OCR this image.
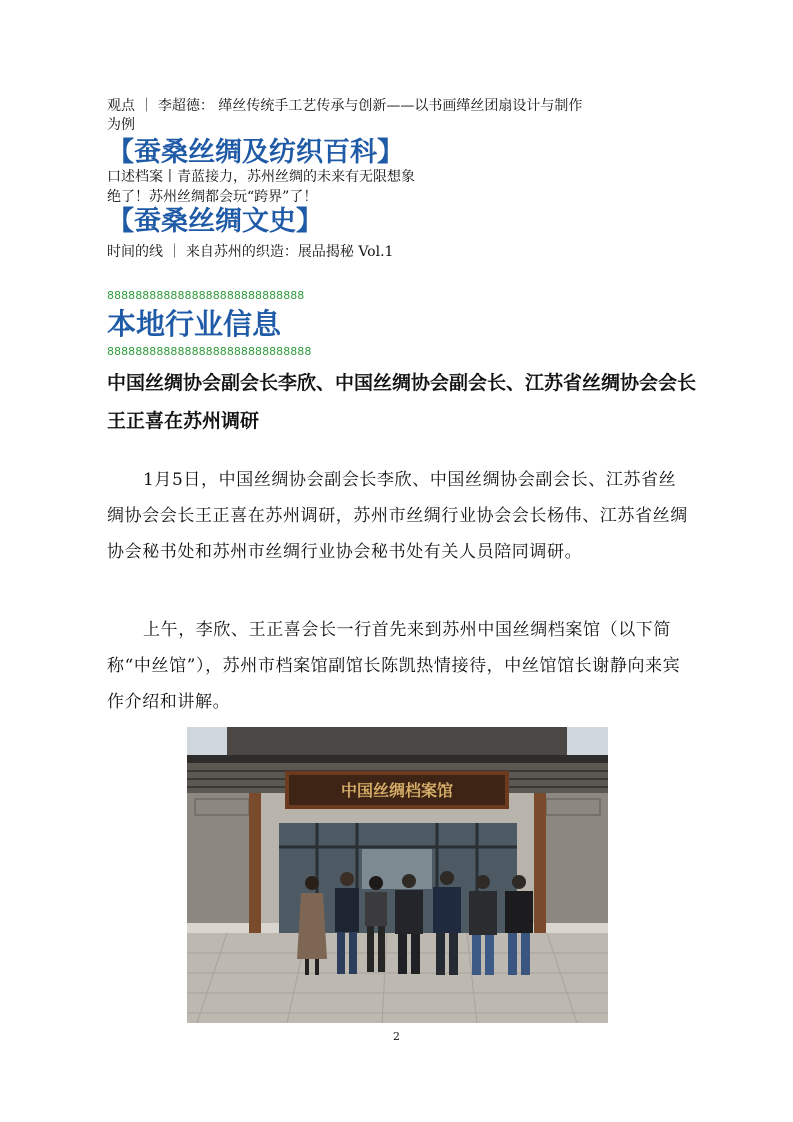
观点 ｜ 李超德： 缂丝传统手工艺传承与创新——以书画缂丝团扇设计与制作
为例
【蚕桑丝绸及纺织百科】
口述档案丨青蓝接力，苏州丝绸的未来有无限想象
绝了！苏州丝绸都会玩“跨界”了！
【蚕桑丝绸文史】
时间的线 ｜ 来自苏州的织造：展品揭秘 Vol.1
8888888888888888888888888888
本地行业信息
88888888888888888888888888888
中国丝绸协会副会长李欣、中国丝绸协会副会长、江苏省丝绸协会会长王正喜在苏州调研
1月5日，中国丝绸协会副会长李欣、中国丝绸协会副会长、江苏省丝绸协会会长王正喜在苏州调研，苏州市丝绸行业协会会长杨伟、江苏省丝绸协会秘书处和苏州市丝绸行业协会秘书处有关人员陪同调研。
上午，李欣、王正喜会长一行首先来到苏州中国丝绸档案馆（以下简称“中丝馆”），苏州市档案馆副馆长陈凯热情接待，中丝馆馆长谢静向来宾作介绍和讲解。
中国丝绸档案馆
2
